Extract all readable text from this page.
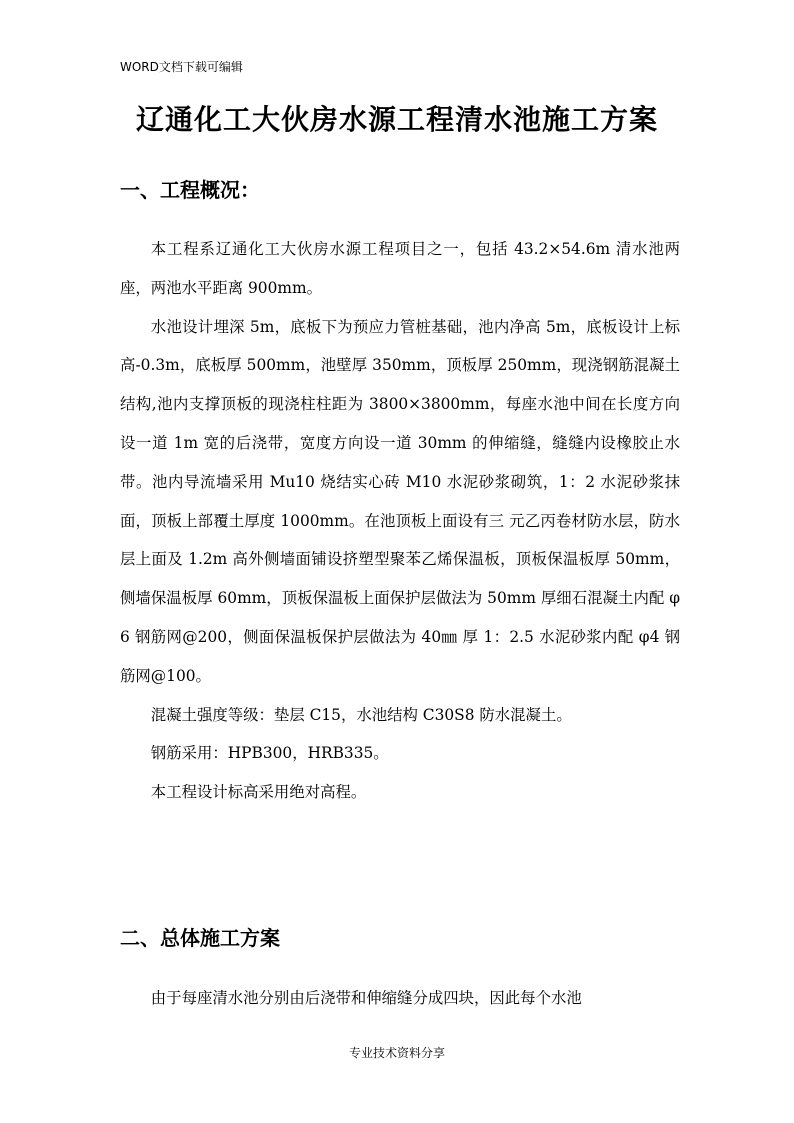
WORD文档下载可编辑
辽通化工大伙房水源工程清水池施工方案
一、工程概况：

本工程系辽通化工大伙房水源工程项目之一，包括 43.2×54.6m 清水池两座，两池水平距离 900mm。

水池设计埋深 5m，底板下为预应力管桩基础，池内净高 5m，底板设计上标高-0.3m，底板厚 500mm，池壁厚 350mm，顶板厚 250mm，现浇钢筋混凝土结构,池内支撑顶板的现浇柱柱距为 3800×3800mm，每座水池中间在长度方向设一道 1m 宽的后浇带，宽度方向设一道 30mm 的伸缩缝，缝缝内设橡胶止水带。池内导流墙采用 Mu10 烧结实心砖 M10 水泥砂浆砌筑，1：2 水泥砂浆抹面，顶板上部覆土厚度 1000mm。在池顶板上面设有三 元乙丙卷材防水层，防水层上面及 1.2m 高外侧墙面铺设挤塑型聚苯乙烯保温板，顶板保温板厚 50mm，侧墙保温板厚 60mm，顶板保温板上面保护层做法为 50mm 厚细石混凝土内配 φ6 钢筋网@200，侧面保温板保护层做法为 40㎜ 厚 1：2.5 水泥砂浆内配 φ4 钢筋网@100。

混凝土强度等级：垫层 C15，水池结构 C30S8 防水混凝土。

钢筋采用：HPB300，HRB335。

本工程设计标高采用绝对高程。

二、总体施工方案

由于每座清水池分别由后浇带和伸缩缝分成四块，因此每个水池

专业技术资料分享
